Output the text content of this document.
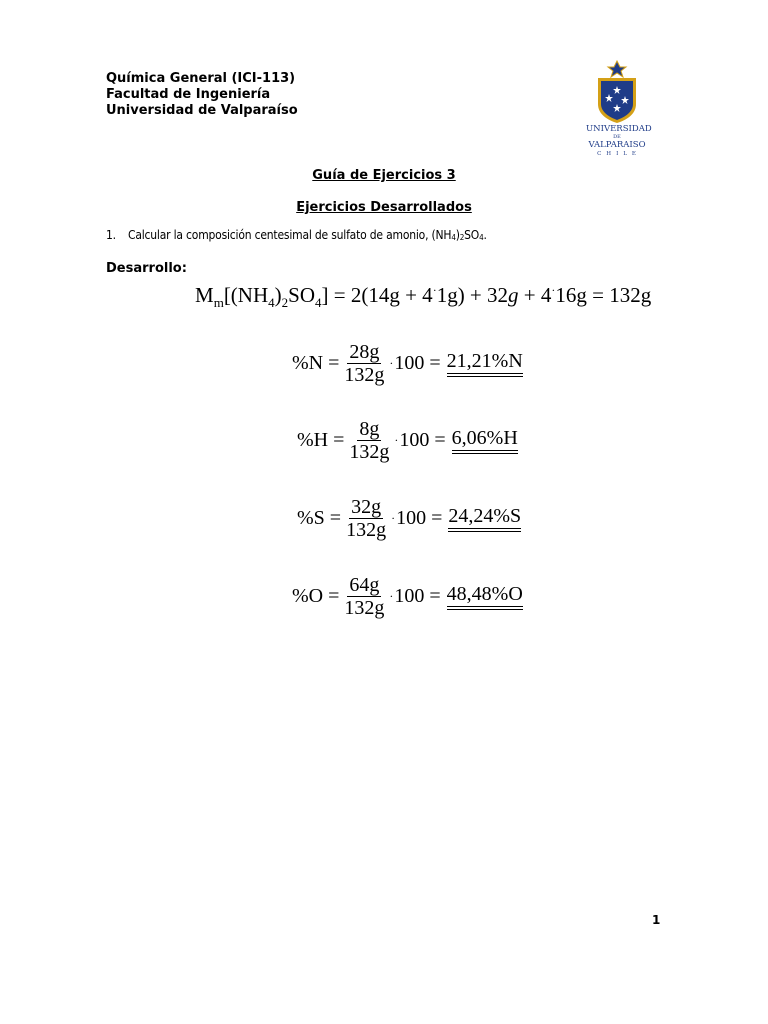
Química General (ICI-113)
Facultad de Ingeniería
Universidad de Valparaíso
UNIVERSIDAD
DE
VALPARAISO
CHILE
Guía de Ejercicios 3
Ejercicios Desarrollados
1. Calcular la composición centesimal de sulfato de amonio, $(NH_4)_2SO_4$.
Desarrollo:
$M_m[(NH_4)_2SO_4] = 2(14g + 4^\cdot 1g) + 32g + 4^\cdot 16g = 132g$
$\%N = \frac{28g}{132g} \cdot 100 = 21,21\%N$
$\%H = \frac{8g}{132g} \cdot 100 = 6,06\%H$
$\%S = \frac{32g}{132g} \cdot 100 = 24,24\%S$
$\%O = \frac{64g}{132g} \cdot 100 = 48,48\%O$
1
